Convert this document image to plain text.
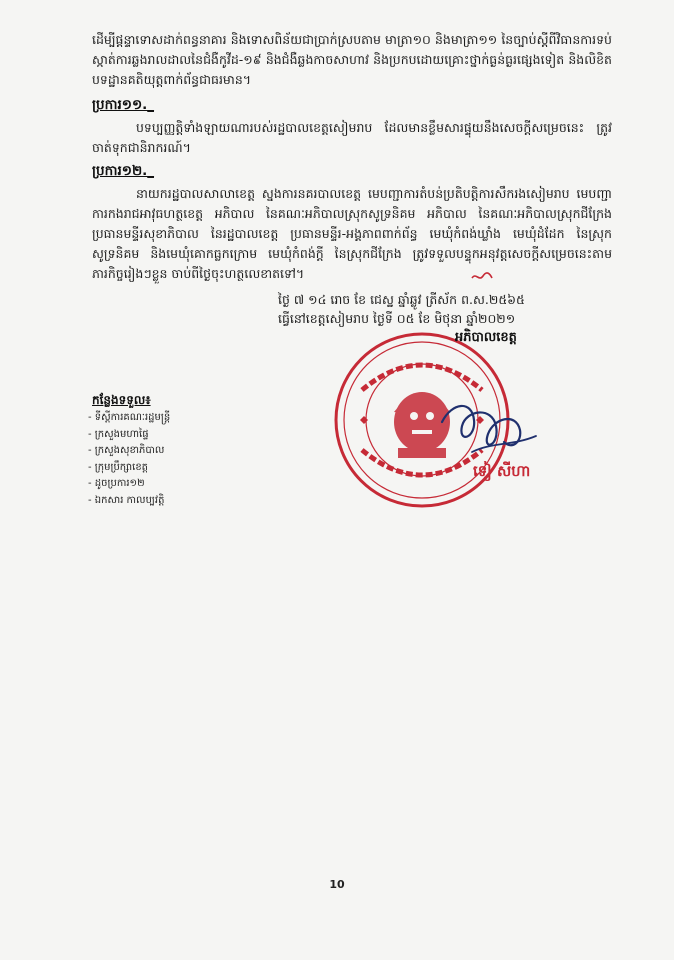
ដើម្បីផ្តន្ទាទោសដាក់ពន្ធនាគារ និងទោសពិន័យជាប្រាក់ស្របតាម មាត្រា១០ និងមាត្រា១១ នៃច្បាប់ស្តីពីវិធានការទប់ស្កាត់ការឆ្លងរាលដាលនៃជំងឺកូវីដ-១៩ និងជំងឺឆ្លងកាចសាហាវ និងប្រកបដោយគ្រោះថ្នាក់ធ្ងន់ធ្ងរផ្សេងទៀត និងលិខិតបទដ្ឋានគតិយុត្តពាក់ព័ន្ធជាធរមាន។
ប្រការ១១._
បទប្បញ្ញត្តិទាំងឡាយណារបស់រដ្ឋបាលខេត្តសៀមរាប ដែលមានខ្លឹមសារផ្ទុយនឹងសេចក្តីសម្រេចនេះ ត្រូវចាត់ទុកជានិរាករណ៍។
ប្រការ១២._
នាយករដ្ឋបាលសាលាខេត្ត ស្នងការនគរបាលខេត្ត មេបញ្ជាការតំបន់ប្រតិបត្តិការសឹករងសៀមរាប មេបញ្ជាការកងរាជអាវុធហត្ថខេត្ត អភិបាល នៃគណៈអភិបាលស្រុកសូទ្រនិគម អភិបាល នៃគណៈអភិបាលស្រុកជីក្រែង ប្រធានមន្ទីរសុខាភិបាល នៃរដ្ឋបាលខេត្ត ប្រធានមន្ទីរ-អង្គភាពពាក់ព័ន្ធ មេឃុំកំពង់ឃ្លាំង មេឃុំដំដែក នៃស្រុកសូទ្រនិគម និងមេឃុំគោកធ្លកក្រោម មេឃុំកំពង់ក្តី នៃស្រុកជីក្រែង ត្រូវទទួលបន្ទុកអនុវត្តសេចក្តីសម្រេចនេះតាមភារកិច្ចរៀងៗខ្លួន ចាប់ពីថ្ងៃចុះហត្ថលេខាតទៅ។
ថ្ងៃ ៧ ១៤ រោច ខែ ជេស្ឋ ឆ្នាំឆ្លូវ ត្រីស័ក ព.ស.២៥៦៥
ធ្វើនៅខេត្តសៀមរាប ថ្ងៃទី ០៥ ខែ មិថុនា ឆ្នាំ២០២១
អភិបាលខេត្ត
កន្លែងទទួល៖
- ទីស្តីការគណៈរដ្ឋមន្ត្រី
- ក្រសួងមហាផ្ទៃ
- ក្រសួងសុខាភិបាល
- ក្រុមប្រឹក្សាខេត្ត
- ដូចប្រការ១២
- ឯកសារ កាលប្បវត្តិ
ទៀ សីហា
10
